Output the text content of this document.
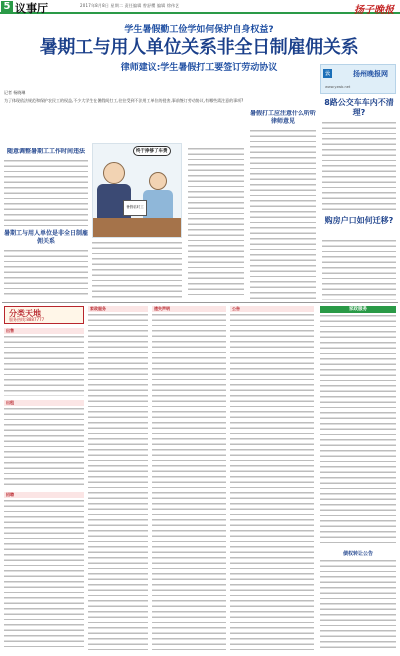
5 议事厅	2017年8月8日 星期二 责任编辑 曾舒樱 编辑 徐伟艺	扬子晚报
学生暑假勤工俭学如何保护自身权益?
暑期工与用人单位关系非全日制雇佣关系
律师建议:学生暑假打工要签订劳动协议
云	扬州晚报网
www.yzwb.net
记者 杨晓琳
为了体现依法规范和保护农民工的权益,不少大学生在暑假间打工,往往受到不法用工单位的侵害,事前签订劳动协议,有哪些需注意的事项?
随意调整暑期工工作时间违法
暑期工与用人单位是非全日制雇佣关系
终于挣够了车费
暑假临时工
暑假打工应注意什么听听律师意见
8路公交车车内不清理?
购房户口如何迁移?
分类天地
服务热线:8887777
出售
出租
招聘
家政服务	遗失声明	公告	家政服务
债权转让公告
